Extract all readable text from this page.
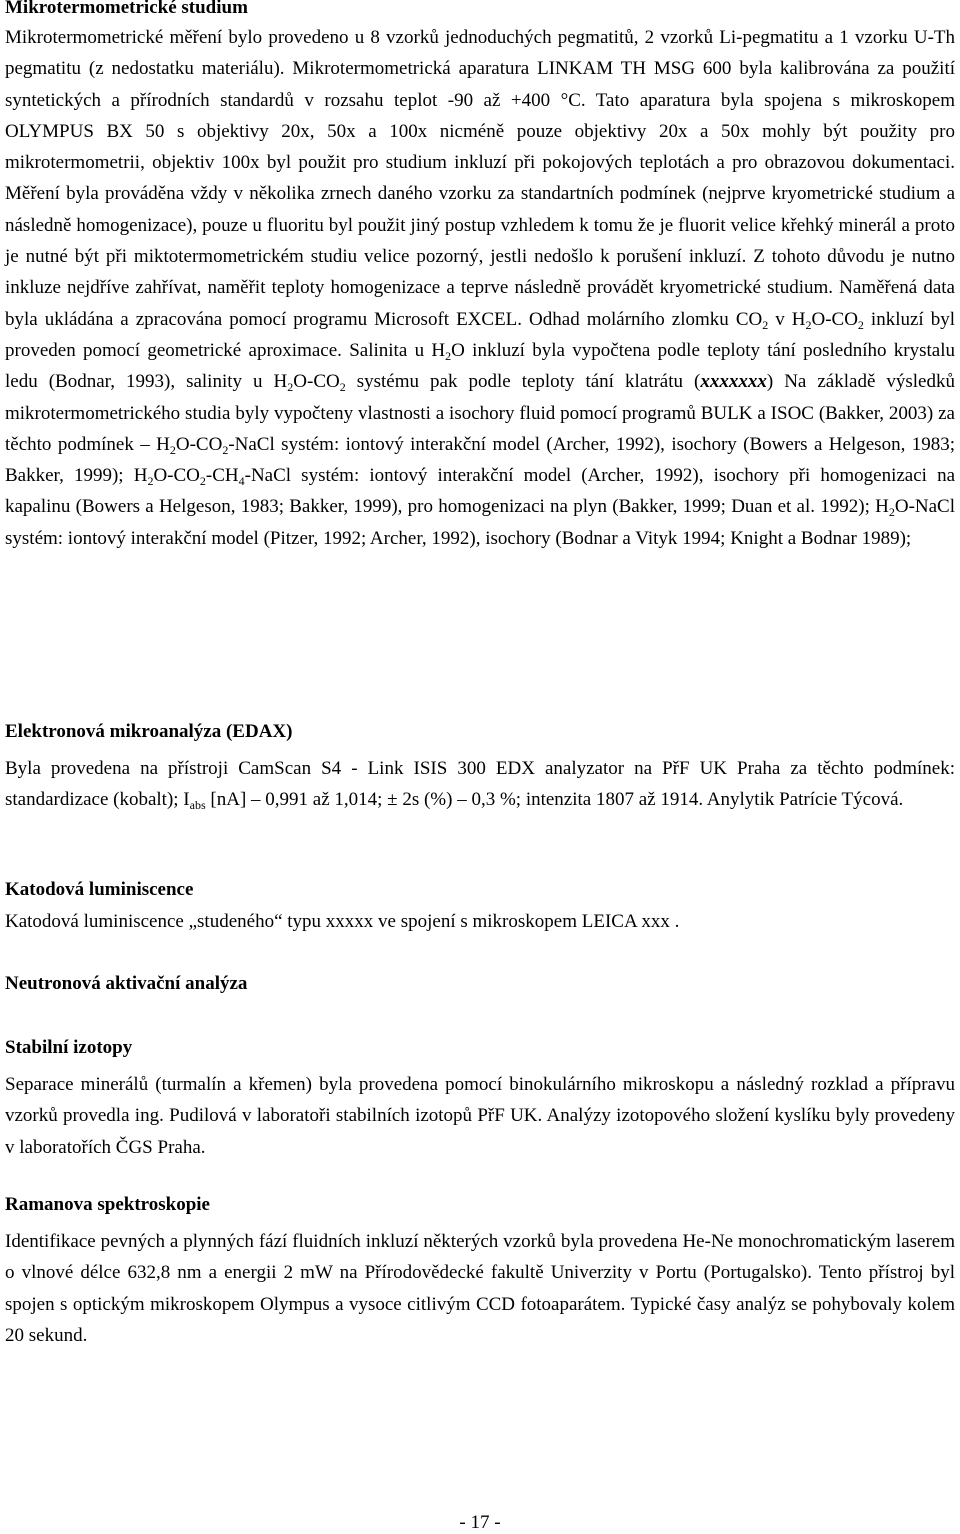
Mikrotermometrické studium

Mikrotermometrické měření bylo provedeno u 8 vzorků jednoduchých pegmatitů, 2 vzorků Li-pegmatitu a 1 vzorku U-Th pegmatitu (z nedostatku materiálu). Mikrotermometrická aparatura LINKAM TH MSG 600 byla kalibrována za použití syntetických a přírodních standardů v rozsahu teplot -90 až +400 °C. Tato aparatura byla spojena s mikroskopem OLYMPUS BX 50 s objektivy 20x, 50x a 100x nicméně pouze objektivy 20x a 50x mohly být použity pro mikrotermometrii, objektiv 100x byl použit pro studium inkluzí při pokojových teplotách a pro obrazovou dokumentaci. Měření byla prováděna vždy v několika zrnech daného vzorku za standartních podmínek (nejprve kryometrické studium a následně homogenizace), pouze u fluoritu byl použit jiný postup vzhledem k tomu že je fluorit velice křehký minerál a proto je nutné být při miktotermometrickém studiu velice pozorný, jestli nedošlo k porušení inkluzí. Z tohoto důvodu je nutno inkluze nejdříve zahřívat, naměřit teploty homogenizace a teprve následně provádět kryometrické studium. Naměřená data byla ukládána a zpracována pomocí programu Microsoft EXCEL. Odhad molárního zlomku $CO_2$ v $H_2O-CO_2$ inkluzí byl proveden pomocí geometrické aproximace. Salinita u $H_2O$ inkluzí byla vypočtena podle teploty tání posledního krystalu ledu (Bodnar, 1993), salinity u $H_2O-CO_2$ systému pak podle teploty tání klatrátu (xxxxxxx) Na základě výsledků mikrotermometrického studia byly vypočteny vlastnosti a isochory fluid pomocí programů BULK a ISOC (Bakker, 2003) za těchto podmínek – $H_2O-CO_2$-NaCl systém: iontový interakční model (Archer, 1992), isochory (Bowers a Helgeson, 1983; Bakker, 1999); $H_2O-CO_2-CH_4$-NaCl systém: iontový interakční model (Archer, 1992), isochory při homogenizaci na kapalinu (Bowers a Helgeson, 1983; Bakker, 1999), pro homogenizaci na plyn (Bakker, 1999; Duan et al. 1992); $H_2O$-NaCl systém: iontový interakční model (Pitzer, 1992; Archer, 1992), isochory (Bodnar a Vityk 1994; Knight a Bodnar 1989);

Elektronová mikroanalýza (EDAX)

Byla provedena na přístroji CamScan S4 - Link ISIS 300 EDX analyzator na PřF UK Praha za těchto podmínek: standardizace (kobalt); $I_{abs}$ [nA] – 0,991 až 1,014; ± 2s (%) – 0,3 %; intenzita 1807 až 1914. Anylytik Patrície Týcová.

Katodová luminiscence

Katodová luminiscence „studeného“ typu xxxxx ve spojení s mikroskopem LEICA xxx .

Neutronová aktivační analýza

Stabilní izotopy

Separace minerálů (turmalín a křemen) byla provedena pomocí binokulárního mikroskopu a následný rozklad a přípravu vzorků provedla ing. Pudilová v laboratoři stabilních izotopů PřF UK. Analýzy izotopového složení kyslíku byly provedeny v laboratořích ČGS Praha.

Ramanova spektroskopie

Identifikace pevných a plynných fází fluidních inkluzí některých vzorků byla provedena He-Ne monochromatickým laserem o vlnové délce 632,8 nm a energii 2 mW na Přírodovědecké fakultě Univerzity v Portu (Portugalsko). Tento přístroj byl spojen s optickým mikroskopem Olympus a vysoce citlivým CCD fotoaparátem. Typické časy analýz se pohybovaly kolem 20 sekund.

- 17 -
